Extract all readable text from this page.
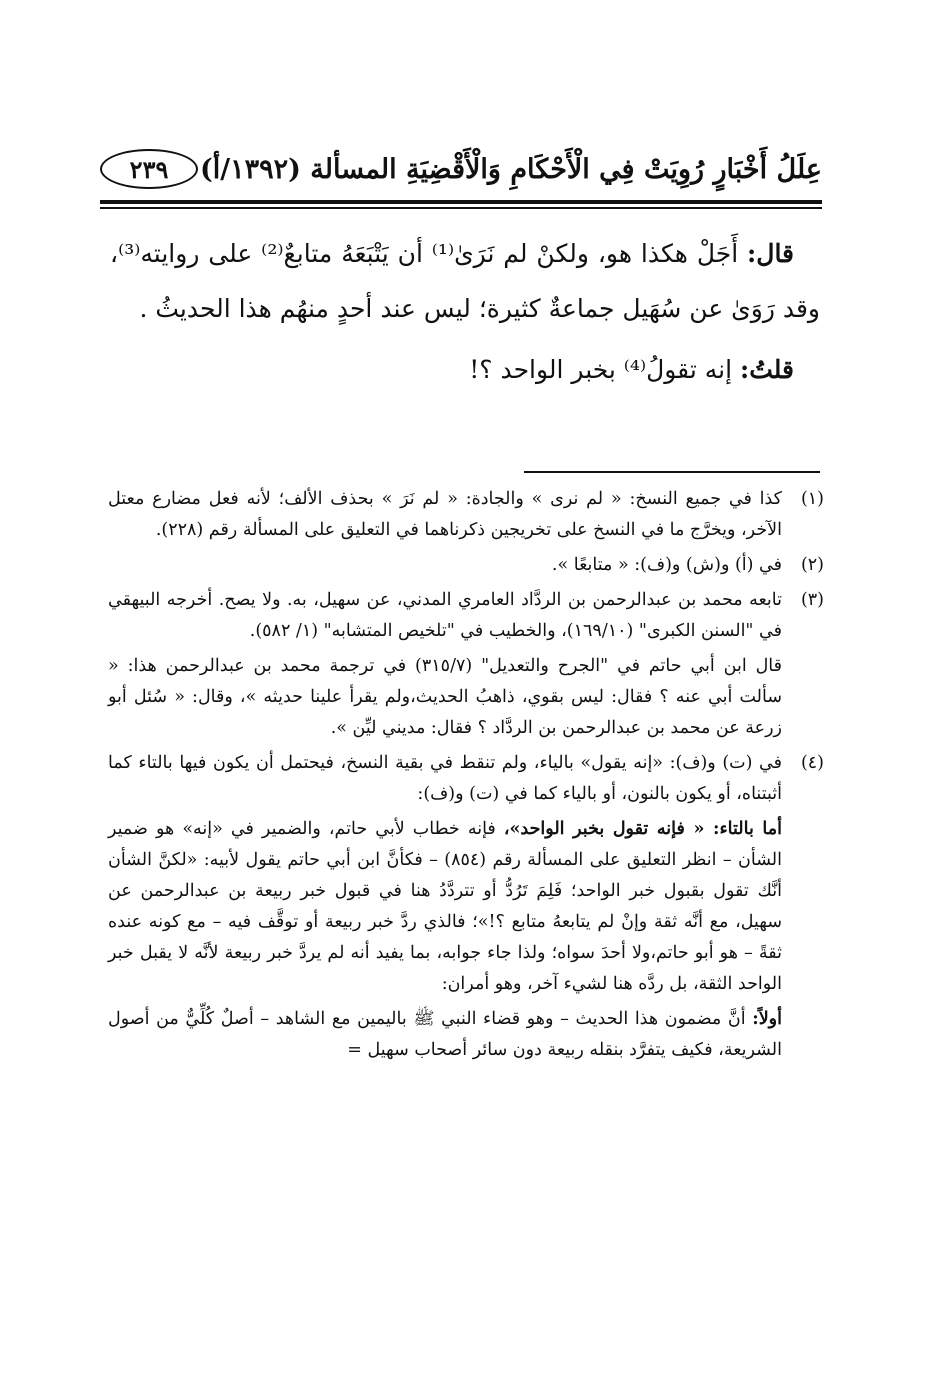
عِلَلُ أَخْبَارٍ رُوِيَتْ فِي الْأَحْكَامِ وَالْأَقْضِيَةِ المسألة (١٣٩٢/أ)
٢٣٩

قال: أَجَلْ هكذا هو، ولكنْ لم نَرَىٰ⁽¹⁾ أن يَتْبَعَهُ متابعٌ⁽²⁾ على روايته⁽³⁾، وقد رَوَىٰ عن سُهَيل جماعةٌ كثيرة؛ ليس عند أحدٍ منهُم هذا الحديثُ .

قلتُ: إنه تقولُ⁽⁴⁾ بخبر الواحد ؟!

(١)

كذا في جميع النسخ: « لم نرى » والجادة: « لم نَرَ » بحذف الألف؛ لأنه فعل مضارع معتل الآخر، ويخرَّج ما في النسخ على تخريجين ذكرناهما في التعليق على المسألة رقم (٢٢٨).

(٢)

في (أ) و(ش) و(ف): « متابعًا ».

(٣)

تابعه محمد بن عبدالرحمن بن الردَّاد العامري المدني، عن سهيل، به. ولا يصح. أخرجه البيهقي في "السنن الكبرى" (١٦٩/١٠)، والخطيب في "تلخيص المتشابه" (١/ ٥٨٢).

قال ابن أبي حاتم في "الجرح والتعديل" (٣١٥/٧) في ترجمة محمد بن عبدالرحمن هذا: « سألت أبي عنه ؟ فقال: ليس بقوي، ذاهبُ الحديث،ولم يقرأ علينا حديثه »، وقال: « سُئل أبو زرعة عن محمد بن عبدالرحمن بن الردَّاد ؟ فقال: مديني ليِّن ».

(٤)

في (ت) و(ف): «إنه يقول» بالياء، ولم تنقط في بقية النسخ، فيحتمل أن يكون فيها بالتاء كما أثبتناه، أو يكون بالنون، أو بالياء كما في (ت) و(ف):

أما بالتاء: « فإنه تقول بخبر الواحد»، فإنه خطاب لأبي حاتم، والضمير في «إنه» هو ضمير الشأن – انظر التعليق على المسألة رقم (٨٥٤) – فكأنَّ ابن أبي حاتم يقول لأبيه: «لكنَّ الشأن أنَّك تقول بقبول خبر الواحد؛ فَلِمَ تَرُدُّ أو تتردَّدُ هنا في قبول خبر ربيعة بن عبدالرحمن عن سهيل، مع أنَّه ثقة وإنْ لم يتابعهُ متابع ؟!»؛ فالذي ردَّ خبر ربيعة أو توقَّف فيه – مع كونه عنده ثقةً – هو أبو حاتم،ولا أحدَ سواه؛ ولذا جاء جوابه، بما يفيد أنه لم يردَّ خبر ربيعة لأنَّه لا يقبل خبر الواحد الثقة، بل ردَّه هنا لشيء آخر، وهو أمران:

أولاً: أنَّ مضمون هذا الحديث – وهو قضاء النبي ﷺ باليمين مع الشاهد – أصلٌ كُلِّيٌّ من أصول الشريعة، فكيف يتفرَّد بنقله ربيعة دون سائر أصحاب سهيل =
